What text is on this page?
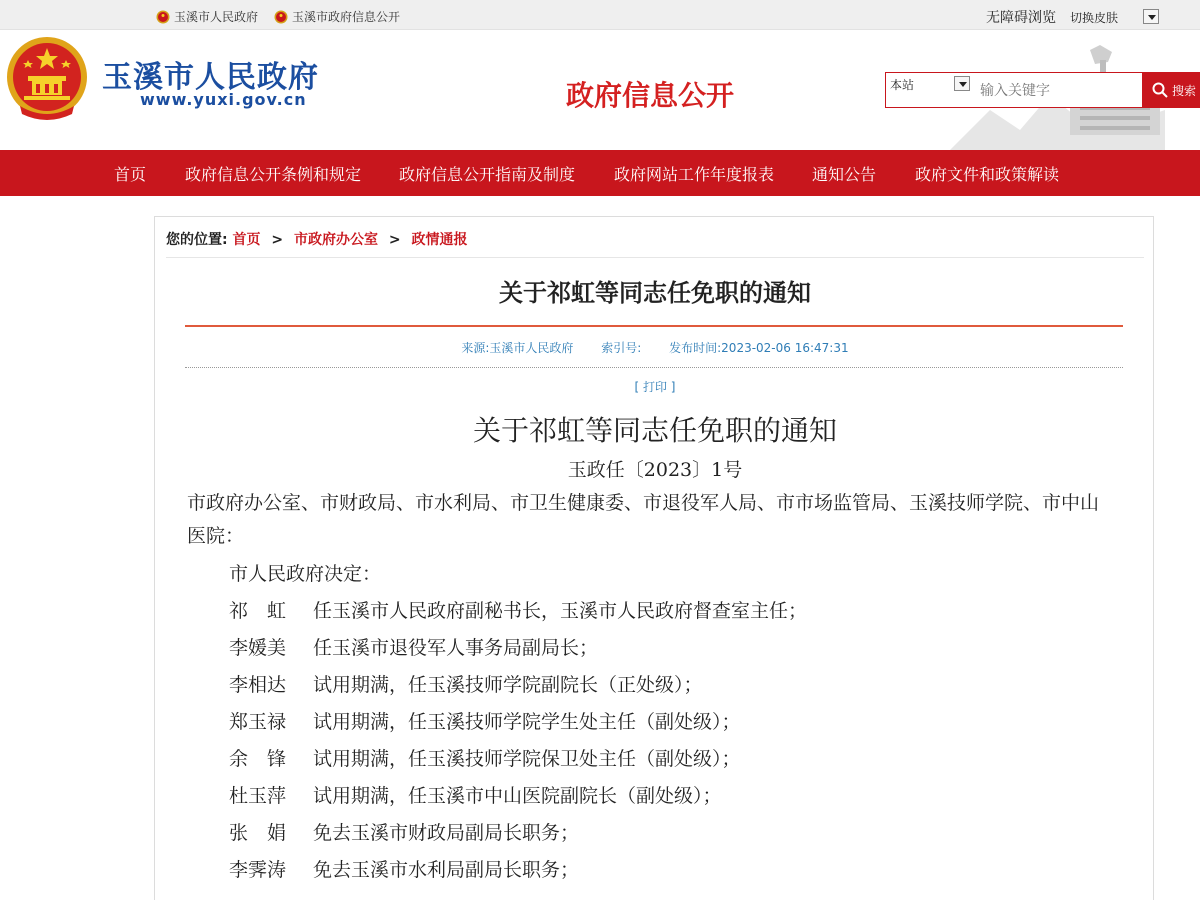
玉溪市人民政府	玉溪市政府信息公开	无障碍浏览 切换皮肤
玉溪市人民政府
www.yuxi.gov.cn	政府信息公开	本站
输入关键字	搜索
首页 政府信息公开条例和规定 政府信息公开指南及制度 政府网站工作年度报表 通知公告 政府文件和政策解读
您的位置: 首页 > 市政府办公室 > 政情通报
关于祁虹等同志任免职的通知
来源:玉溪市人民政府 索引号: 发布时间:2023-02-06 16:47:31
[ 打印 ]
关于祁虹等同志任免职的通知
玉政任〔2023〕1号
市政府办公室、市财政局、市水利局、市卫生健康委、市退役军人局、市市场监管局、玉溪技师学院、市中山医院：
市人民政府决定：
祁　虹 任玉溪市人民政府副秘书长，玉溪市人民政府督查室主任；
李媛美 任玉溪市退役军人事务局副局长；
李相达 试用期满，任玉溪技师学院副院长（正处级）；
郑玉禄 试用期满，任玉溪技师学院学生处主任（副处级）；
余　锋 试用期满，任玉溪技师学院保卫处主任（副处级）；
杜玉萍 试用期满，任玉溪市中山医院副院长（副处级）；
张　娟 免去玉溪市财政局副局长职务；
李霁涛 免去玉溪市水利局副局长职务；
